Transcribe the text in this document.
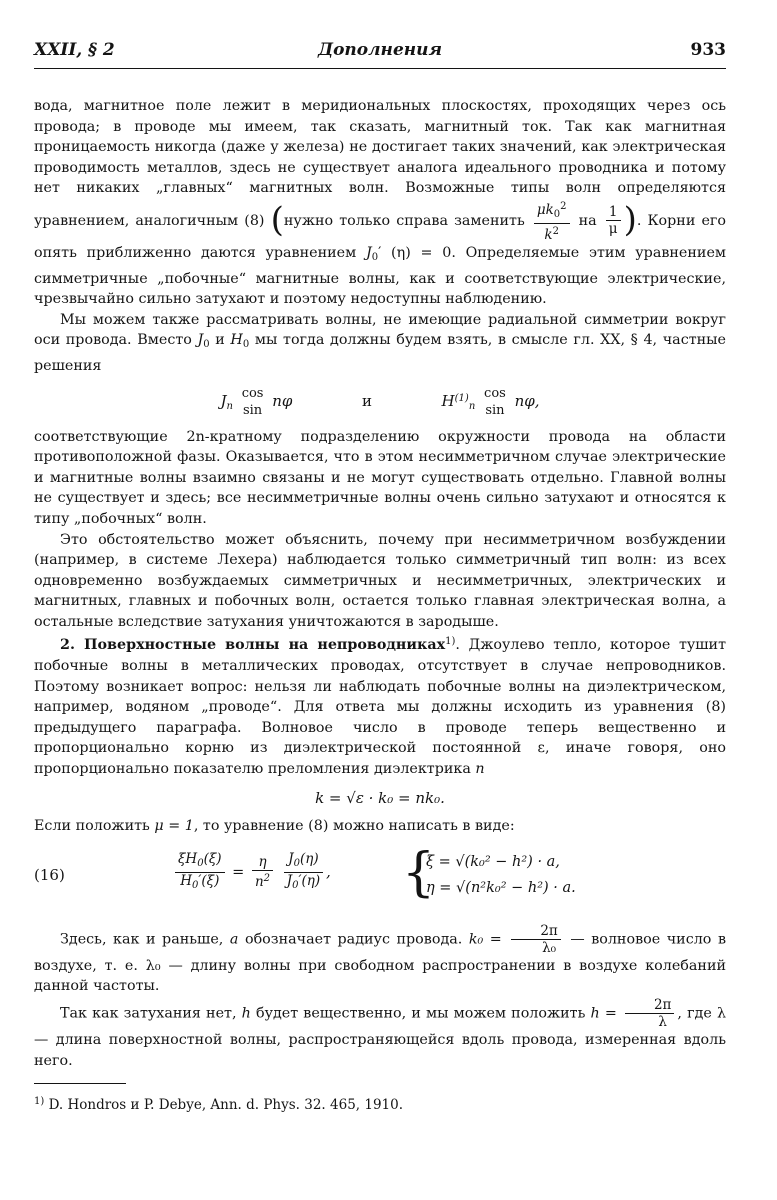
XXII, § 2	Дополнения	933

вода, магнитное поле лежит в меридиональных плоскостях, проходящих через ось провода; в проводе мы имеем, так сказать, магнитный ток. Так как магнитная проницаемость никогда (даже у железа) не достигает таких значений, как электрическая проводимость металлов, здесь не существует аналога идеального проводника и потому нет никаких „главных“ магнитных волн. Возможные типы волн определяются уравнением, аналогичным (8) (нужно только справа заменить $\frac{\mu k_0^2}{k^2}$ на $\frac{1}{\mu}$ ). Корни его опять приближенно даются уравнением $J_0'$ (η) = 0. Определяемые этим уравнением симметричные „побочные“ магнитные волны, как и соответствующие электрические, чрезвычайно сильно затухают и поэтому недоступны наблюдению.

Мы можем также рассматривать волны, не имеющие радиальной симметрии вокруг оси провода. Вместо $J_0$ и $H_0$ мы тогда должны будем взять, в смысле гл. XX, § 4, частные решения

$J_n$ cos
sin nφ	и	$H^{(1)}_n$ cos
sin nφ,

соответствующие 2n-кратному подразделению окружности провода на области противоположной фазы. Оказывается, что в этом несимметричном случае электрические и магнитные волны взаимно связаны и не могут существовать отдельно. Главной волны не существует и здесь; все несимметричные волны очень сильно затухают и относятся к типу „побочных“ волн.

Это обстоятельство может объяснить, почему при несимметричном возбуждении (например, в системе Лехера) наблюдается только симметричный тип волн: из всех одновременно возбуждаемых симметричных и несимметричных, электрических и магнитных, главных и побочных волн, остается только главная электрическая волна, а остальные вследствие затухания уничтожаются в зародыше.

2. Поверхностные волны на непроводниках$^{1)}$. Джоулево тепло, которое тушит побочные волны в металлических проводах, отсутствует в случае непроводников. Поэтому возникает вопрос: нельзя ли наблюдать побочные волны на диэлектрическом, например, водяном „проводе“. Для ответа мы должны исходить из уравнения (8) предыдущего параграфа. Волновое число в проводе теперь вещественно и пропорционально корню из диэлектрической постоянной ε, иначе говоря, оно пропорционально показателю преломления диэлектрика n

k = √ε · k₀ = nk₀.

Если положить μ = 1, то уравнение (8) можно написать в виде:

(16)	$\frac{\xi H_0(\xi)}{H_0'(\xi)} = \frac{\eta}{n^2}$
$\frac{J_0(\eta)}{J_0'(\eta)}$ , {
ξ = √(k₀² − h²) · a,
η = √(n²k₀² − h²) · a.

Здесь, как и раньше, a обозначает радиус провода. $k_0 = \frac{2\pi}{\text{λ₀}}$ — волновое число в воздухе, т. е. λ₀ — длину волны при свободном распространении в воздухе колебаний данной частоты.

Так как затухания нет, h будет вещественно, и мы можем положить $h = \frac{2\pi}{\lambda}$ , где λ — длина поверхностной волны, распространяющейся вдоль провода, измеренная вдоль него.

$^{1)}$ D. Hondros и P. Debye, Ann. d. Phys. 32. 465, 1910.
